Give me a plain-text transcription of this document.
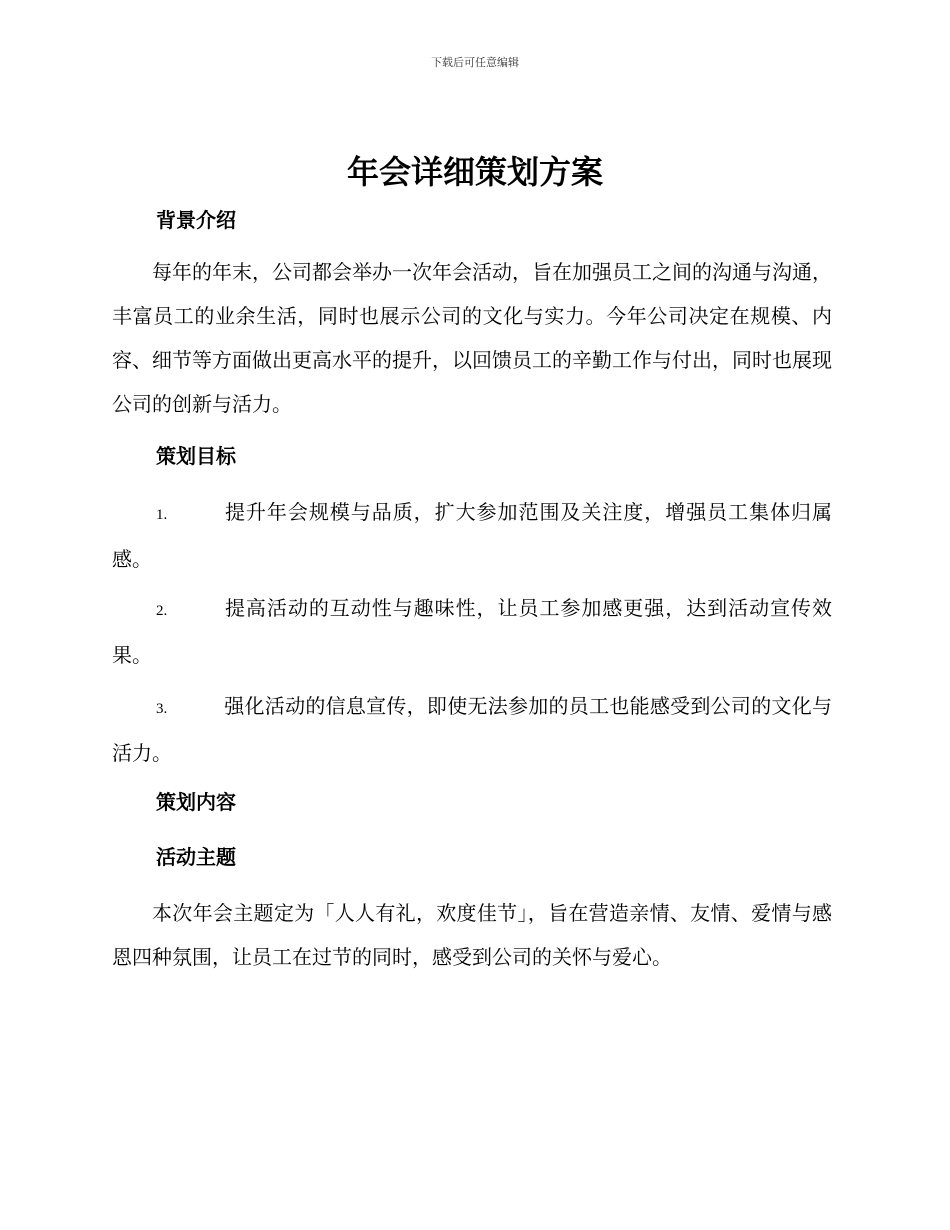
下载后可任意编辑
年会详细策划方案
背景介绍

每年的年末，公司都会举办一次年会活动，旨在加强员工之间的沟通与沟通，丰富员工的业余生活，同时也展示公司的文化与实力。今年公司决定在规模、内容、细节等方面做出更高水平的提升，以回馈员工的辛勤工作与付出，同时也展现公司的创新与活力。

策划目标

1.	提升年会规模与品质，扩大参加范围及关注度，增强员工集体归属感。

2.	提高活动的互动性与趣味性，让员工参加感更强，达到活动宣传效果。

3.	强化活动的信息宣传，即使无法参加的员工也能感受到公司的文化与活力。

策划内容
活动主题

本次年会主题定为「人人有礼，欢度佳节」，旨在营造亲情、友情、爱情与感恩四种氛围，让员工在过节的同时，感受到公司的关怀与爱心。
